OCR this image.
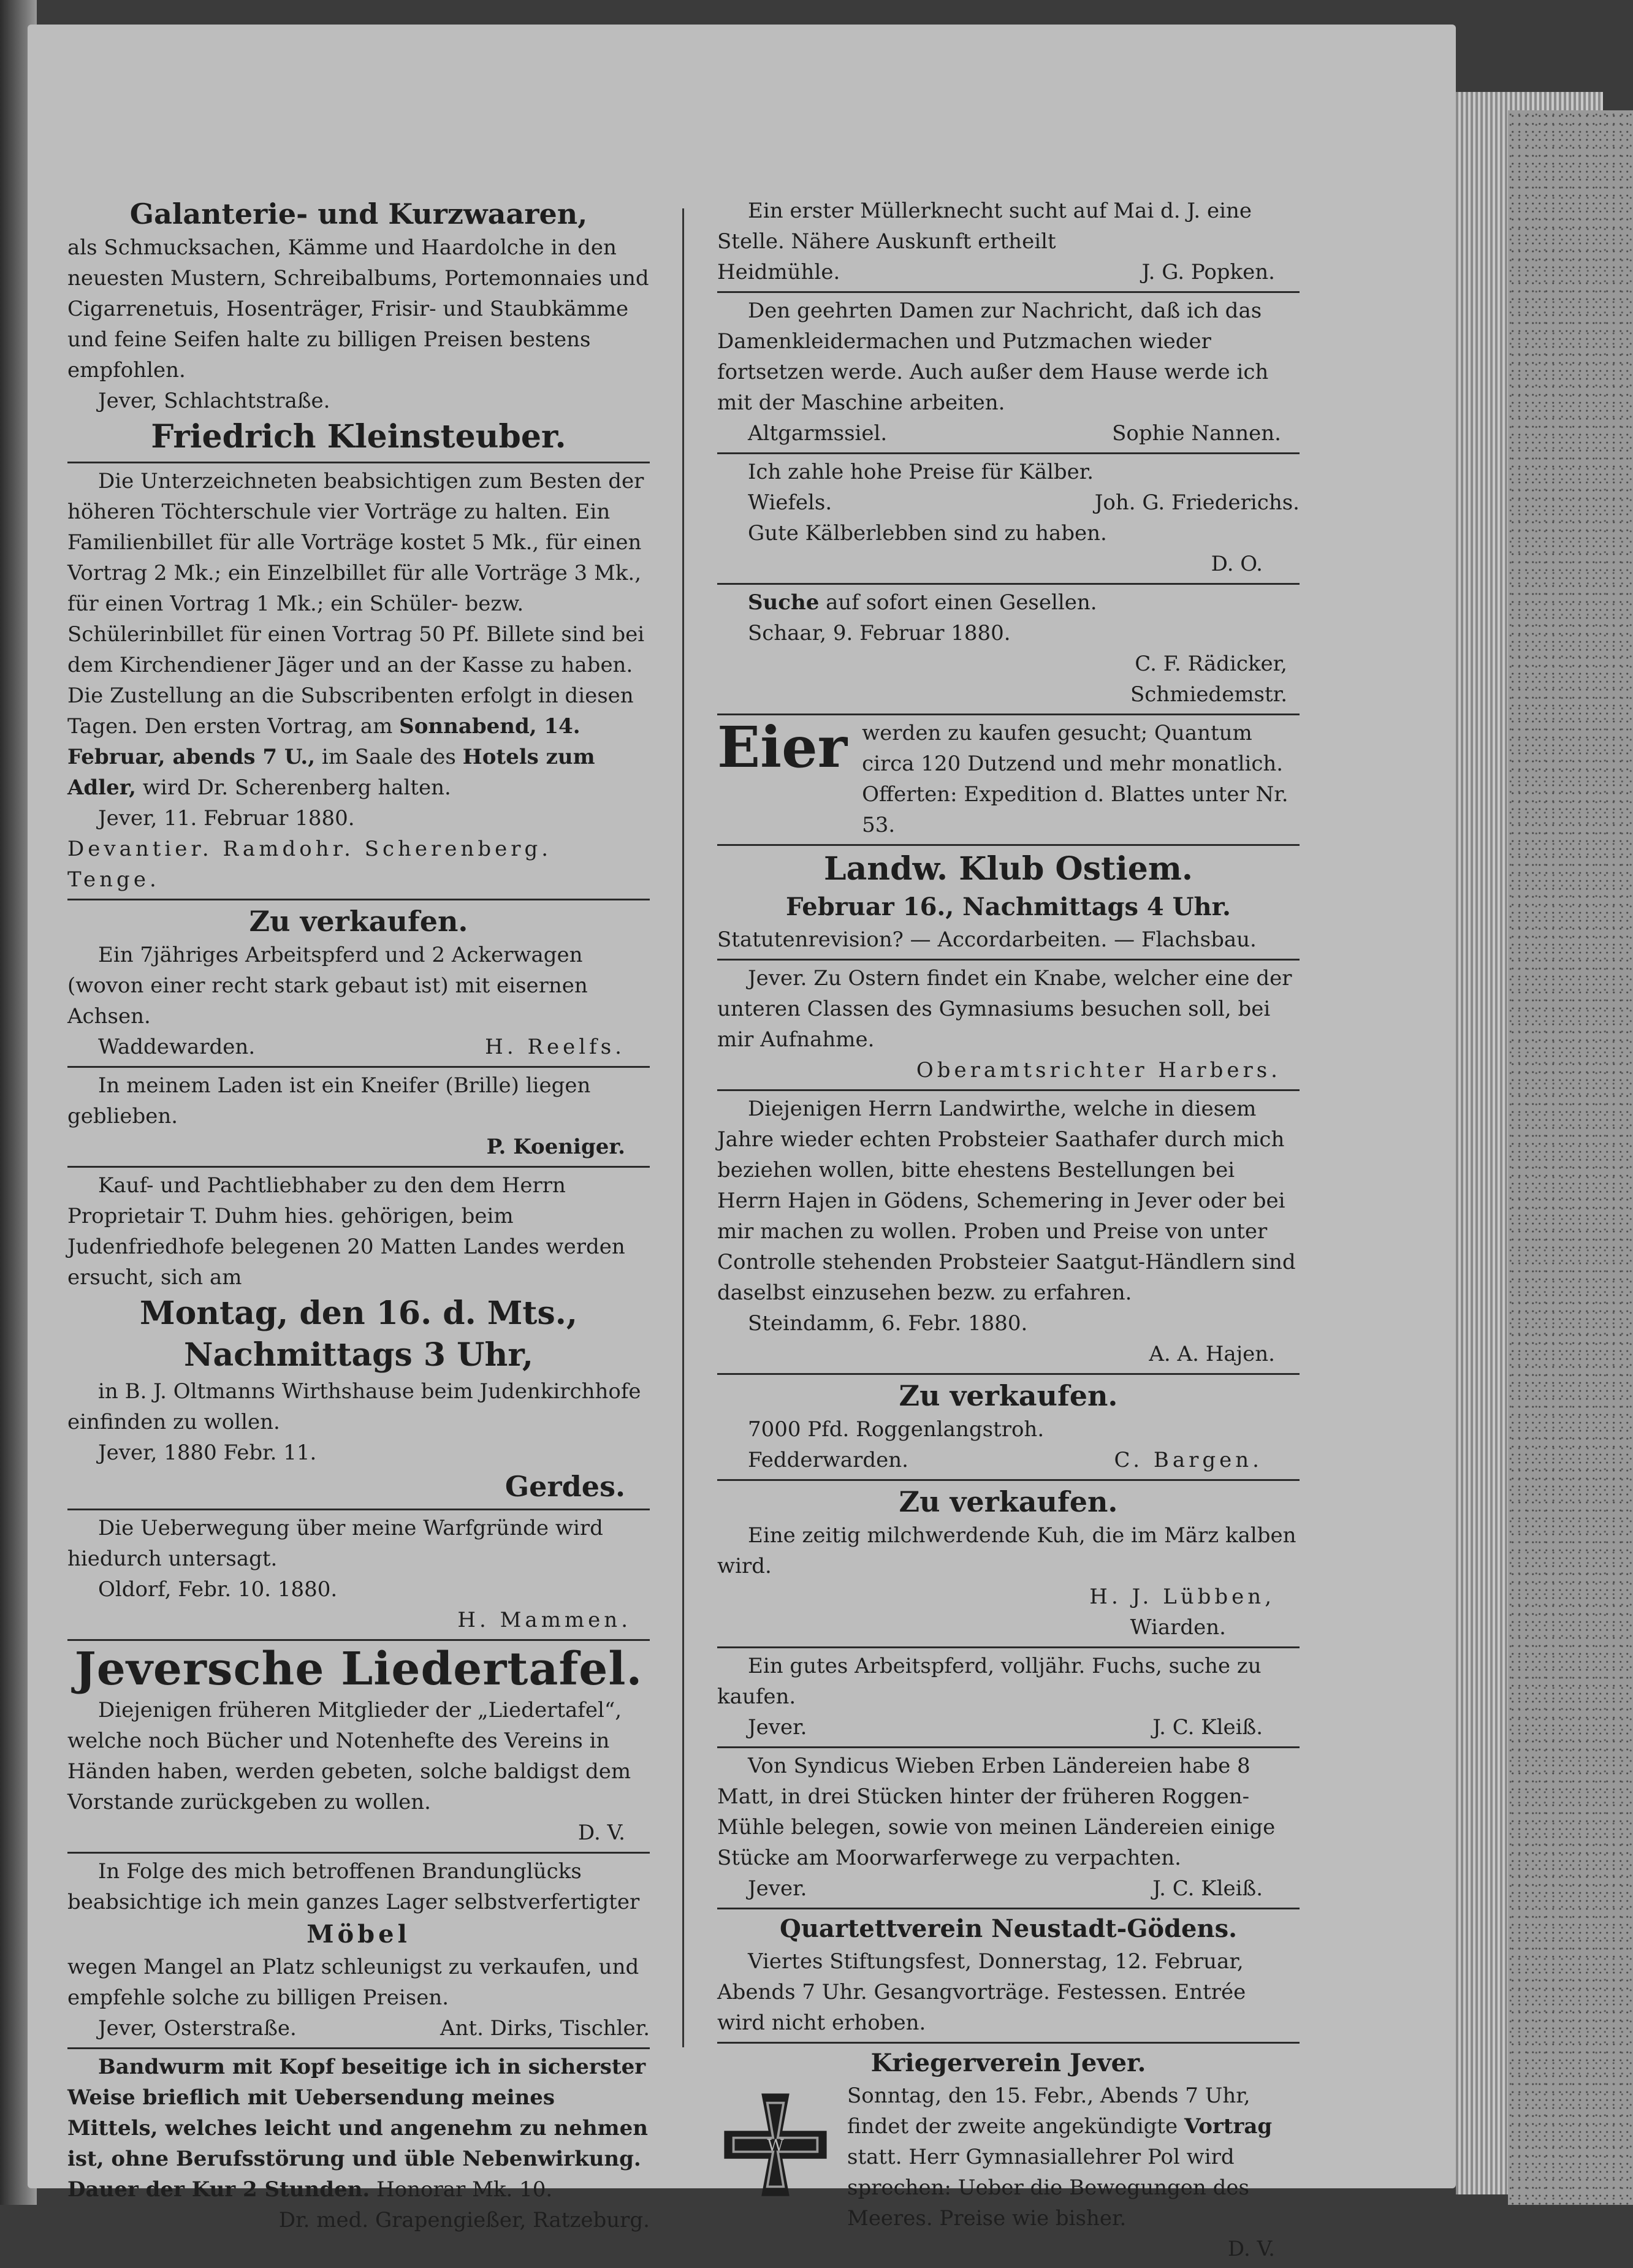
Galanterie- und Kurzwaaren,
als Schmucksachen, Kämme und Haardolche in den neuesten Mustern, Schreibalbums, Portemonnaies und Cigarrenetuis, Hosenträger, Frisir- und Staubkämme und feine Seifen halte zu billigen Preisen bestens empfohlen.
Jever, Schlachtstraße.
Friedrich Kleinsteuber.
Die Unterzeichneten beabsichtigen zum Besten der höheren Töchterschule vier Vorträge zu halten. Ein Familienbillet für alle Vorträge kostet 5 Mk., für einen Vortrag 2 Mk.; ein Einzelbillet für alle Vorträge 3 Mk., für einen Vortrag 1 Mk.; ein Schüler- bezw. Schülerinbillet für einen Vortrag 50 Pf. Billete sind bei dem Kirchendiener Jäger und an der Kasse zu haben. Die Zustellung an die Subscribenten erfolgt in diesen Tagen. Den ersten Vortrag, am Sonnabend, 14. Februar, abends 7 U., im Saale des Hotels zum Adler, wird Dr. Scherenberg halten.
Jever, 11. Februar 1880.
Devantier. Ramdohr. Scherenberg. Tenge.
Zu verkaufen.
Ein 7jähriges Arbeitspferd und 2 Ackerwagen (wovon einer recht stark gebaut ist) mit eisernen Achsen.
Waddewarden.	H. Reelfs.
In meinem Laden ist ein Kneifer (Brille) liegen geblieben.
P. Koeniger.
Kauf- und Pachtliebhaber zu den dem Herrn Proprietair T. Duhm hies. gehörigen, beim Judenfriedhofe belegenen 20 Matten Landes werden ersucht, sich am
Montag, den 16. d. Mts.,
Nachmittags 3 Uhr,
in B. J. Oltmanns Wirthshause beim Judenkirchhofe einfinden zu wollen.
Jever, 1880 Febr. 11.
Gerdes.
Die Ueberwegung über meine Warfgründe wird hiedurch untersagt.
Oldorf, Febr. 10. 1880.
H. Mammen.
Jeversche Liedertafel.
Diejenigen früheren Mitglieder der „Liedertafel“, welche noch Bücher und Notenhefte des Vereins in Händen haben, werden gebeten, solche baldigst dem Vorstande zurückgeben zu wollen.
D. V.
In Folge des mich betroffenen Brandunglücks beabsichtige ich mein ganzes Lager selbstverfertigter
Möbel
wegen Mangel an Platz schleunigst zu verkaufen, und empfehle solche zu billigen Preisen.
Jever, Osterstraße.	Ant. Dirks, Tischler.
Bandwurm mit Kopf beseitige ich in sicherster Weise brieflich mit Uebersendung meines Mittels, welches leicht und angenehm zu nehmen ist, ohne Berufsstörung und üble Nebenwirkung. Dauer der Kur 2 Stunden. Honorar Mk. 10.
Dr. med. Grapengießer, Ratzeburg.
Ein erster Müllerknecht sucht auf Mai d. J. eine Stelle. Nähere Auskunft ertheilt
Heidmühle.	J. G. Popken.
Den geehrten Damen zur Nachricht, daß ich das Damenkleidermachen und Putzmachen wieder fortsetzen werde. Auch außer dem Hause werde ich mit der Maschine arbeiten.
Altgarmssiel.	Sophie Nannen.
Ich zahle hohe Preise für Kälber.
Wiefels.	Joh. G. Friederichs.
Gute Kälberlebben sind zu haben.
D. O.
Suche auf sofort einen Gesellen.
Schaar, 9. Februar 1880.
C. F. Rädicker,
Schmiedemstr.
Eier werden zu kaufen gesucht; Quantum circa 120 Dutzend und mehr monatlich. Offerten: Expedition d. Blattes unter Nr. 53.
Landw. Klub Ostiem.
Februar 16., Nachmittags 4 Uhr.
Statutenrevision? — Accordarbeiten. — Flachsbau.
Jever. Zu Ostern findet ein Knabe, welcher eine der unteren Classen des Gymnasiums besuchen soll, bei mir Aufnahme.
Oberamtsrichter Harbers.
Diejenigen Herrn Landwirthe, welche in diesem Jahre wieder echten Probsteier Saathafer durch mich beziehen wollen, bitte ehestens Bestellungen bei Herrn Hajen in Gödens, Schemering in Jever oder bei mir machen zu wollen. Proben und Preise von unter Controlle stehenden Probsteier Saatgut-Händlern sind daselbst einzusehen bezw. zu erfahren.
Steindamm, 6. Febr. 1880.
A. A. Hajen.
Zu verkaufen.
7000 Pfd. Roggenlangstroh.
Fedderwarden.	C. Bargen.
Zu verkaufen.
Eine zeitig milchwerdende Kuh, die im März kalben wird.
H. J. Lübben,
Wiarden.
Ein gutes Arbeitspferd, volljähr. Fuchs, suche zu kaufen.
Jever.	J. C. Kleiß.
Von Syndicus Wieben Erben Ländereien habe 8 Matt, in drei Stücken hinter der früheren Roggen-Mühle belegen, sowie von meinen Ländereien einige Stücke am Moorwarferwege zu verpachten.
Jever.	J. C. Kleiß.
Quartettverein Neustadt-Gödens.
Viertes Stiftungsfest, Donnerstag, 12. Februar, Abends 7 Uhr. Gesangvorträge. Festessen. Entrée wird nicht erhoben.
Kriegerverein Jever.
W
Sonntag, den 15. Febr., Abends 7 Uhr, findet der zweite angekündigte Vortrag statt. Herr Gymnasiallehrer Pol wird sprechen: Ueber die Bewegungen des Meeres. Preise wie bisher.
D. V.
